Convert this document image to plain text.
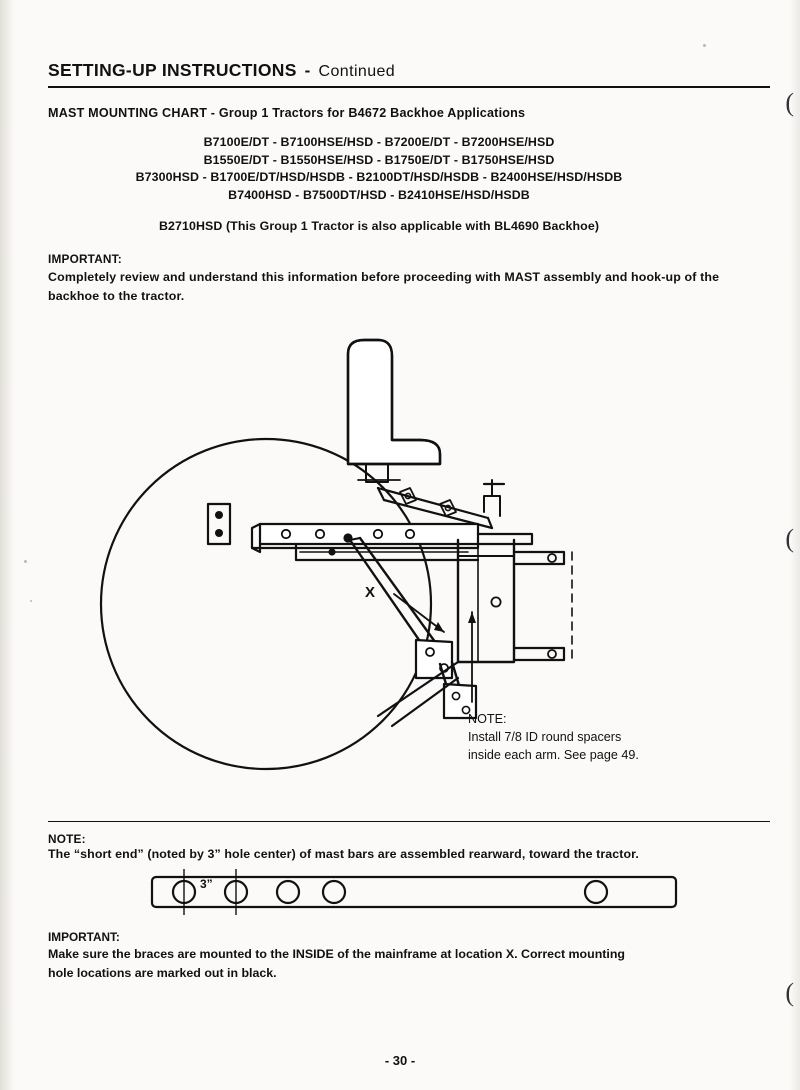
(
(
(
SETTING-UP INSTRUCTIONS - Continued
MAST MOUNTING CHART - Group 1 Tractors for B4672 Backhoe Applications
B7100E/DT - B7100HSE/HSD - B7200E/DT - B7200HSE/HSD
B1550E/DT - B1550HSE/HSD - B1750E/DT - B1750HSE/HSD
B7300HSD - B1700E/DT/HSD/HSDB - B2100DT/HSD/HSDB - B2400HSE/HSD/HSDB
B7400HSD - B7500DT/HSD - B2410HSE/HSD/HSDB
B2710HSD (This Group 1 Tractor is also applicable with BL4690 Backhoe)
IMPORTANT:
Completely review and understand this information before proceeding with MAST assembly and hook-up of the backhoe to the tractor.
X
NOTE:
Install 7/8 ID round spacers
inside each arm. See page 49.
NOTE:
The “short end” (noted by 3” hole center) of mast bars are assembled rearward, toward the tractor.
3”
IMPORTANT:
Make sure the braces are mounted to the INSIDE of the mainframe at location X. Correct mounting
hole locations are marked out in black.
- 30 -
